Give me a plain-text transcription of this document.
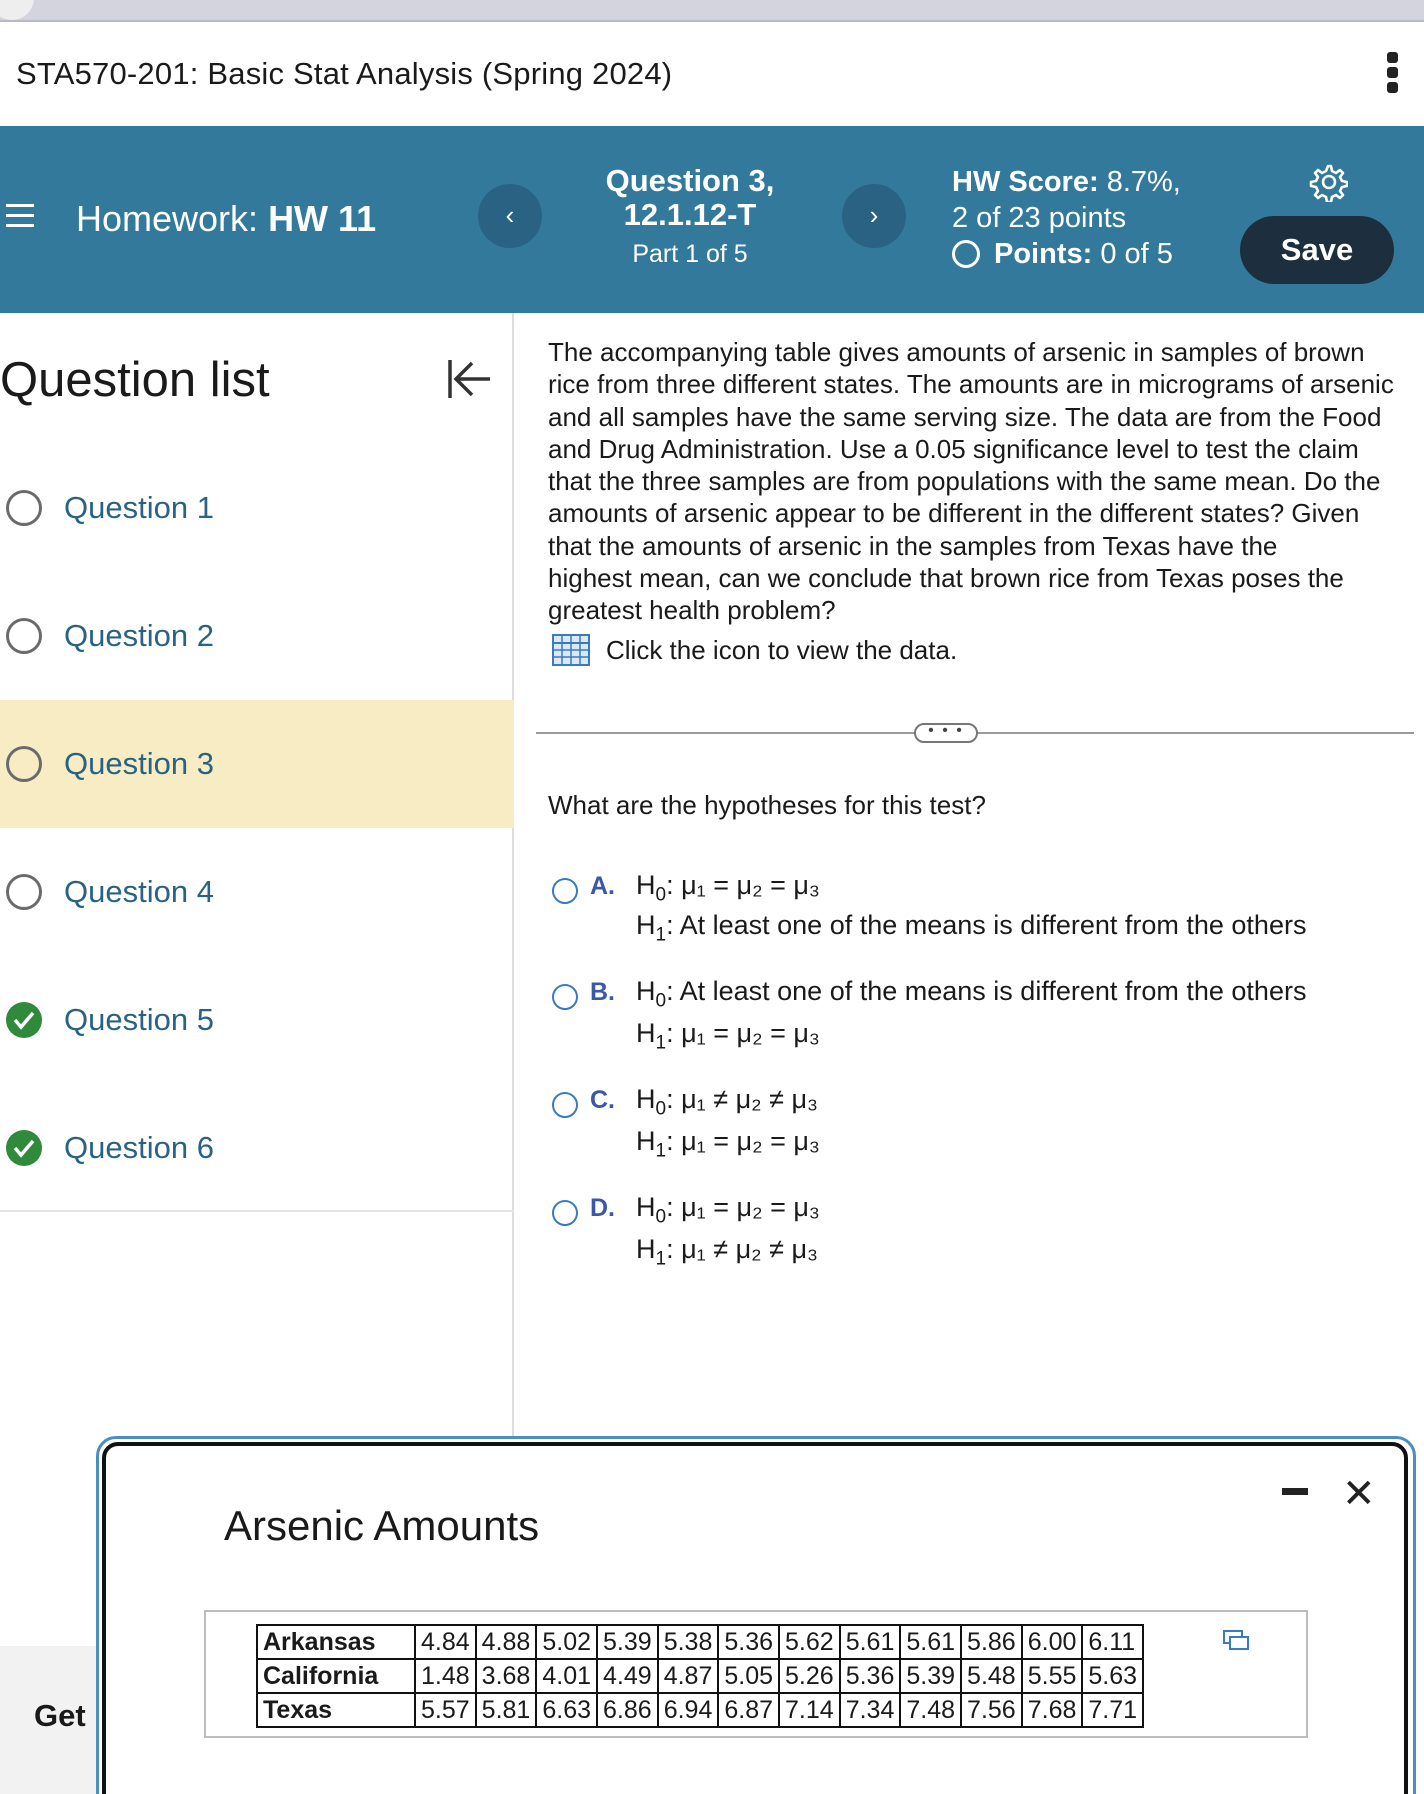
STA570-201: Basic Stat Analysis (Spring 2024)
Homework: HW 11	‹
Question 3,
12.1.12-T
Part 1 of 5
›
HW Score: 8.7%,
2 of 23 points
Points: 0 of 5	Save
Question list
Question 1
Question 2
Question 3
Question 4
Question 5
Question 6
Get
The accompanying table gives amounts of arsenic in samples of brown
rice from three different states. The amounts are in micrograms of arsenic
and all samples have the same serving size. The data are from the Food
and Drug Administration. Use a 0.05 significance level to test the claim
that the three samples are from populations with the same mean. Do the
amounts of arsenic appear to be different in the different states? Given
that the amounts of arsenic in the samples from Texas have the
highest mean, can we conclude that brown rice from Texas poses the
greatest health problem?
Click the icon to view the data.
• • •
What are the hypotheses for this test?
A. $H_0$: μ₁ = μ₂ = μ₃
$H_1$: At least one of the means is different from the others
B. $H_0$: At least one of the means is different from the others
$H_1$: μ₁ = μ₂ = μ₃
C. $H_0$: μ₁ ≠ μ₂ ≠ μ₃
$H_1$: μ₁ = μ₂ = μ₃
D. $H_0$: μ₁ = μ₂ = μ₃
$H_1$: μ₁ ≠ μ₂ ≠ μ₃
Arsenic Amounts
✕
Arkansas	4.84	4.88	5.02	5.39	5.38	5.36	5.62	5.61	5.61	5.86	6.00	6.11
California	1.48	3.68	4.01	4.49	4.87	5.05	5.26	5.36	5.39	5.48	5.55	5.63
Texas	5.57	5.81	6.63	6.86	6.94	6.87	7.14	7.34	7.48	7.56	7.68	7.71
